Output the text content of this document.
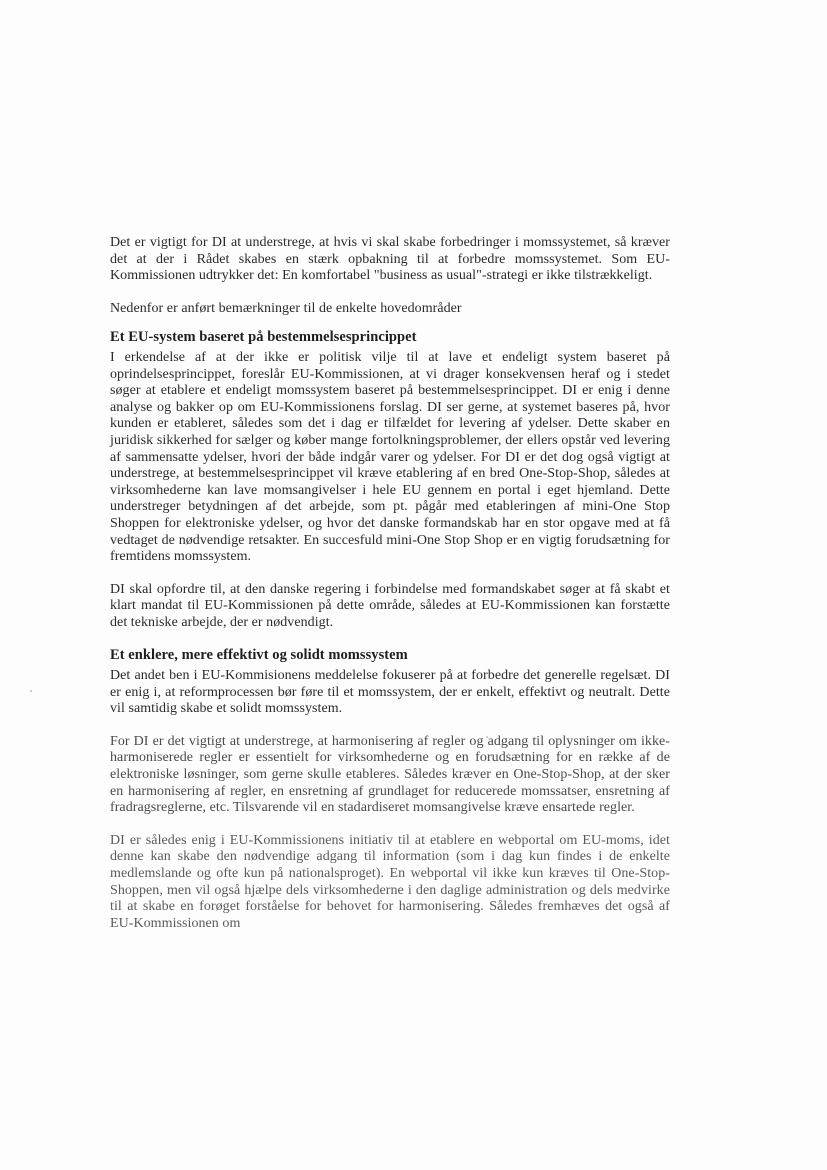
Det er vigtigt for DI at understrege, at hvis vi skal skabe forbedringer i momssystemet, så kræver det at der i Rådet skabes en stærk opbakning til at forbedre momssystemet. Som EU-Kommissionen udtrykker det: En komfortabel "business as usual"-strategi er ikke tilstrækkeligt.

Nedenfor er anført bemærkninger til de enkelte hovedområder

Et EU-system baseret på bestemmelsesprincippet

I erkendelse af at der ikke er politisk vilje til at lave et endeligt system baseret på oprindelsesprincippet, foreslår EU-Kommissionen, at vi drager konsekvensen heraf og i stedet søger at etablere et endeligt momssystem baseret på bestemmelsesprincippet. DI er enig i denne analyse og bakker op om EU-Kommissionens forslag. DI ser gerne, at systemet baseres på, hvor kunden er etableret, således som det i dag er tilfældet for levering af ydelser. Dette skaber en juridisk sikkerhed for sælger og køber mange fortolkningsproblemer, der ellers opstår ved levering af sammensatte ydelser, hvori der både indgår varer og ydelser. For DI er det dog også vigtigt at understrege, at bestemmelsesprincippet vil kræve etablering af en bred One-Stop-Shop, således at virksomhederne kan lave momsangivelser i hele EU gennem en portal i eget hjemland. Dette understreger betydningen af det arbejde, som pt. pågår med etableringen af mini-One Stop Shoppen for elektroniske ydelser, og hvor det danske formandskab har en stor opgave med at få vedtaget de nødvendige retsakter. En succesfuld mini-One Stop Shop er en vigtig forudsætning for fremtidens momssystem.

DI skal opfordre til, at den danske regering i forbindelse med formandskabet søger at få skabt et klart mandat til EU-Kommissionen på dette område, således at EU-Kommissionen kan forstætte det tekniske arbejde, der er nødvendigt.

Et enklere, mere effektivt og solidt momssystem

Det andet ben i EU-Kommisionens meddelelse fokuserer på at forbedre det generelle regelsæt. DI er enig i, at reformprocessen bør føre til et momssystem, der er enkelt, effektivt og neutralt. Dette vil samtidig skabe et solidt momssystem.

For DI er det vigtigt at understrege, at harmonisering af regler og adgang til oplysninger om ikke-harmoniserede regler er essentielt for virksomhederne og en forudsætning for en række af de elektroniske løsninger, som gerne skulle etableres. Således kræver en One-Stop-Shop, at der sker en harmonisering af regler, en ensretning af grundlaget for reducerede momssatser, ensretning af fradragsreglerne, etc. Tilsvarende vil en stadardiseret momsangivelse kræve ensartede regler.

DI er således enig i EU-Kommissionens initiativ til at etablere en webportal om EU-moms, idet denne kan skabe den nødvendige adgang til information (som i dag kun findes i de enkelte medlemslande og ofte kun på nationalsproget). En webportal vil ikke kun kræves til One-Stop-Shoppen, men vil også hjælpe dels virksomhederne i den daglige administration og dels medvirke til at skabe en forøget forståelse for behovet for harmonisering. Således fremhæves det også af EU-Kommissionen om
